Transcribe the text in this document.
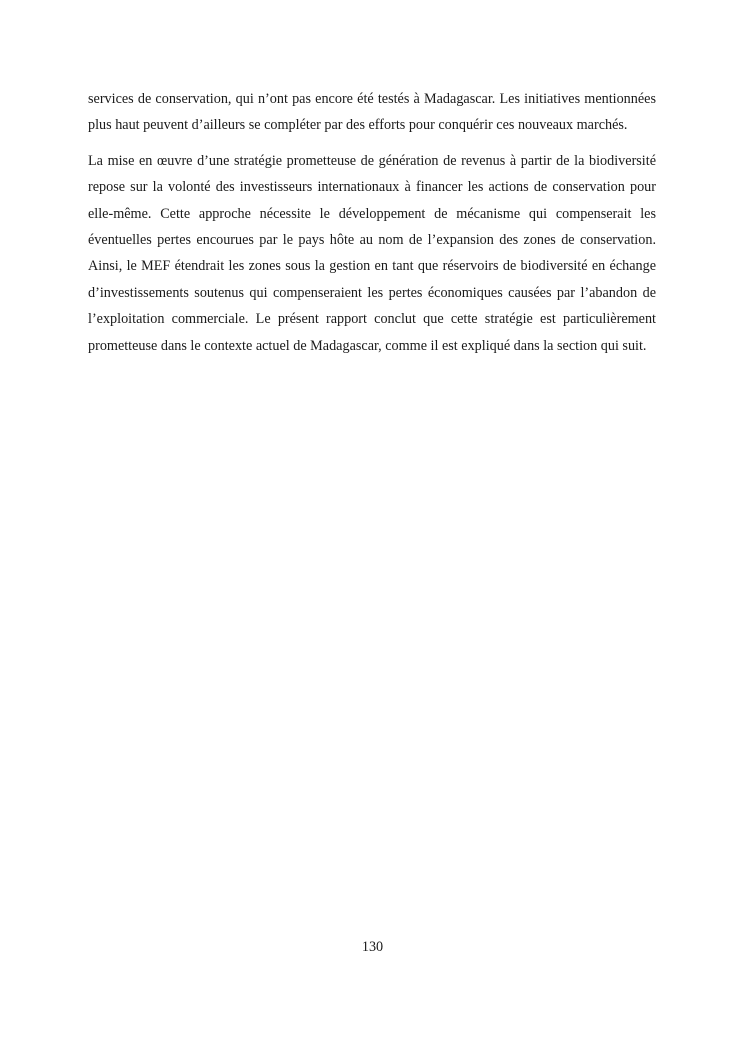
services de conservation, qui n’ont pas encore été testés à Madagascar. Les initiatives mentionnées plus haut peuvent d’ailleurs se compléter par des efforts pour conquérir ces nouveaux marchés.

La mise en œuvre d’une stratégie prometteuse de génération de revenus à partir de la biodiversité repose sur la volonté des investisseurs internationaux à financer les actions de conservation pour elle-même. Cette approche nécessite le développement de mécanisme qui compenserait les éventuelles pertes encourues par le pays hôte au nom de l’expansion des zones de conservation. Ainsi, le MEF étendrait les zones sous la gestion en tant que réservoirs de biodiversité en échange d’investissements soutenus qui compenseraient les pertes économiques causées par l’abandon de l’exploitation commerciale. Le présent rapport conclut que cette stratégie est particulièrement prometteuse dans le contexte actuel de Madagascar, comme il est expliqué dans la section qui suit.

130
